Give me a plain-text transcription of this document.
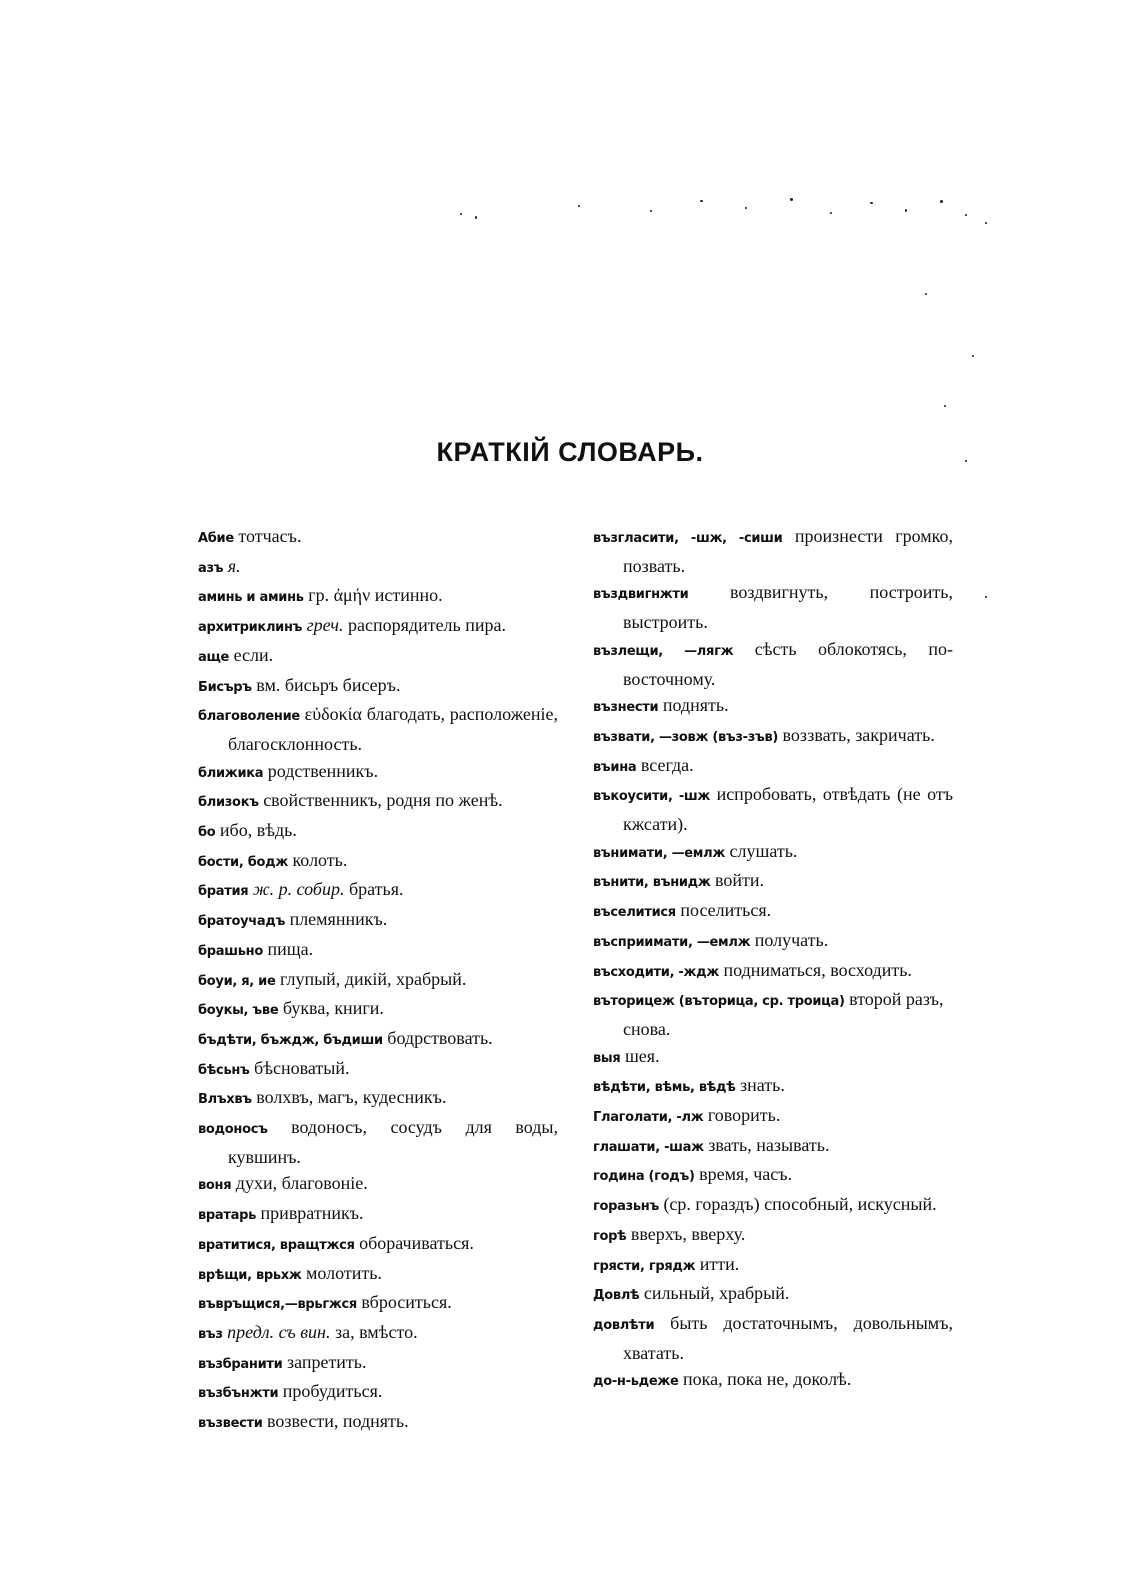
КРАТКІЙ СЛОВАРЬ.
Абие тотчасъ.
азъ я.
аминь и аминь гр. ἀμήν истинно.
архитриклинъ греч. распорядитель пира.
аще если.
Бисъръ вм. бисьръ бисеръ.
благоволение εὐδοκία благодать, расположеніе, благосклонность.
ближика родственникъ.
близокъ свойственникъ, родня по женѣ.
бо ибо, вѣдь.
бости, бодж колоть.
братия ж. р. собир. братья.
братоучадъ племянникъ.
брашьно пища.
боуи, я, ие глупый, дикій, храбрый.
боукы, ъве буква, книги.
бъдѣти, бъждж, бъдиши бодрствовать.
бѣсьнъ бѣсноватый.
Влъхвъ волхвъ, магъ, кудесникъ.
водоносъ водоносъ, сосудъ для воды, кувшинъ.
воня духи, благовоніе.
вратарь привратникъ.
вратитися, вращтжся оборачиваться.
врѣщи, врьхж молотить.
въвръщися,—врьгжся вброситься.
въз предл. съ вин. за, вмѣсто.
възбранити запретить.
възбънжти пробудиться.
възвести возвести, поднять.
възгласити, -шж, -сиши произнести громко, позвать.
въздвигнжти воздвигнуть, построить, выстроить.
възлещи, —лягж сѣсть облокотясь, по-восточному.
възнести поднять.
възвати, —зовж (въз-зъв) воззвать, закричать.
въина всегда.
въкоусити, -шж испробовать, отвѣдать (не отъ кжсати).
вънимати, —емлж слушать.
вънити, вънидж войти.
въселитися поселиться.
въсприимати, —емлж получать.
въсходити, -ждж подниматься, восходить.
въторицеж (въторица, ср. троица) второй разъ, снова.
выя шея.
вѣдѣти, вѣмь, вѣдѣ знать.
Глаголати, -лж говорить.
глашати, -шаж звать, называть.
година (годъ) время, часъ.
горазьнъ (ср. гораздъ) способный, искусный.
горѣ вверхъ, вверху.
грясти, грядж итти.
Довлѣ сильный, храбрый.
довлѣти быть достаточнымъ, довольнымъ, хватать.
до-н-ьдеже пока, пока не, доколѣ.
